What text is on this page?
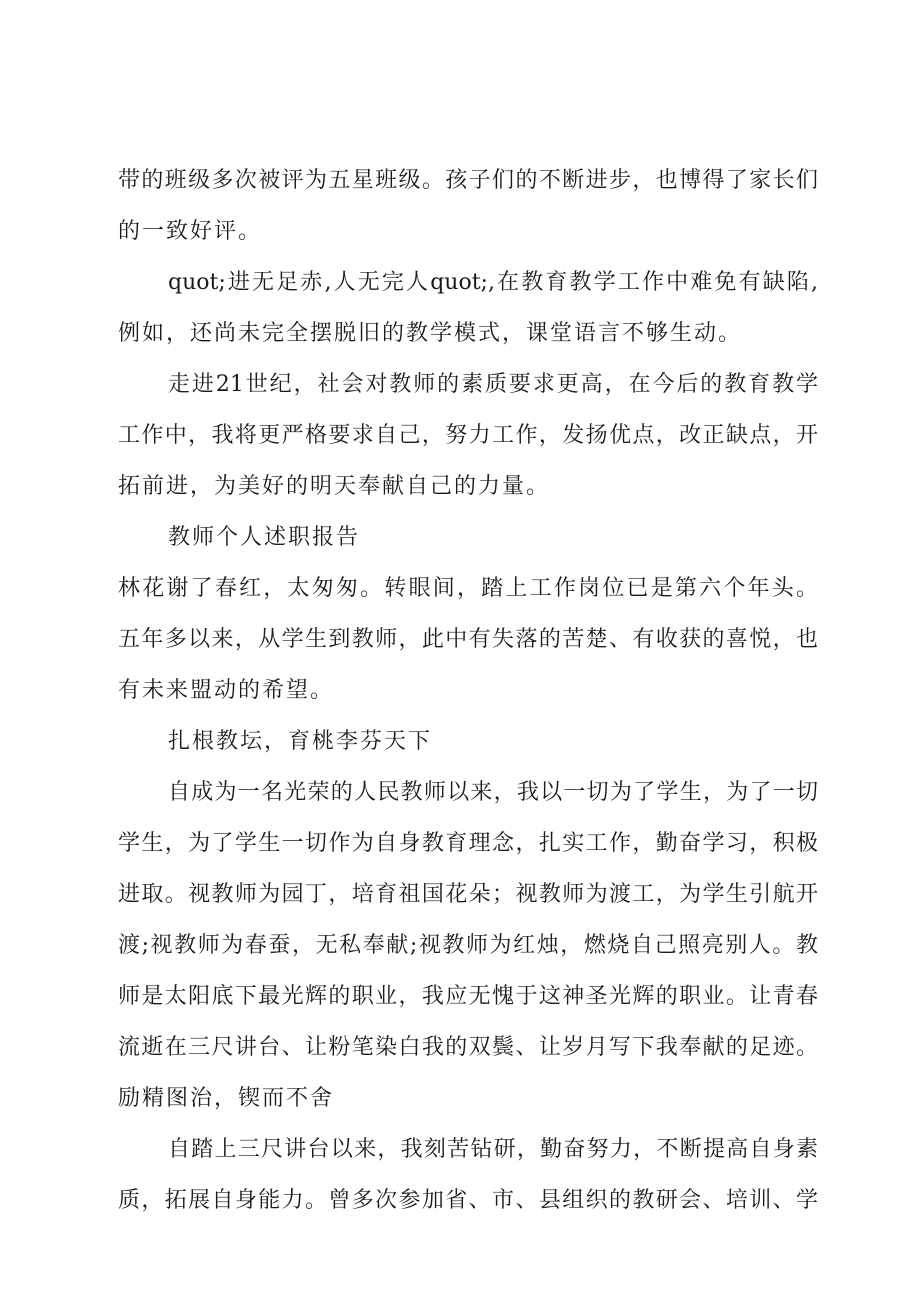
带的班级多次被评为五星班级。孩子们的不断进步，也博得了家长们
的一致好评。
quot;进无足赤,人无完人quot;,在教育教学工作中难免有缺陷,
例如，还尚未完全摆脱旧的教学模式，课堂语言不够生动。
走进21世纪，社会对教师的素质要求更高，在今后的教育教学
工作中，我将更严格要求自己，努力工作，发扬优点，改正缺点，开
拓前进，为美好的明天奉献自己的力量。
教师个人述职报告
林花谢了春红，太匆匆。转眼间，踏上工作岗位已是第六个年头。
五年多以来，从学生到教师，此中有失落的苦楚、有收获的喜悦，也
有未来盟动的希望。
扎根教坛，育桃李芬天下
自成为一名光荣的人民教师以来，我以一切为了学生，为了一切
学生，为了学生一切作为自身教育理念，扎实工作，勤奋学习，积极
进取。视教师为园丁，培育祖国花朵；视教师为渡工，为学生引航开
渡;视教师为春蚕，无私奉献;视教师为红烛，燃烧自己照亮别人。教
师是太阳底下最光辉的职业，我应无愧于这神圣光辉的职业。让青春
流逝在三尺讲台、让粉笔染白我的双鬓、让岁月写下我奉献的足迹。
励精图治，锲而不舍
自踏上三尺讲台以来，我刻苦钻研，勤奋努力，不断提高自身素
质，拓展自身能力。曾多次参加省、市、县组织的教研会、培训、学
